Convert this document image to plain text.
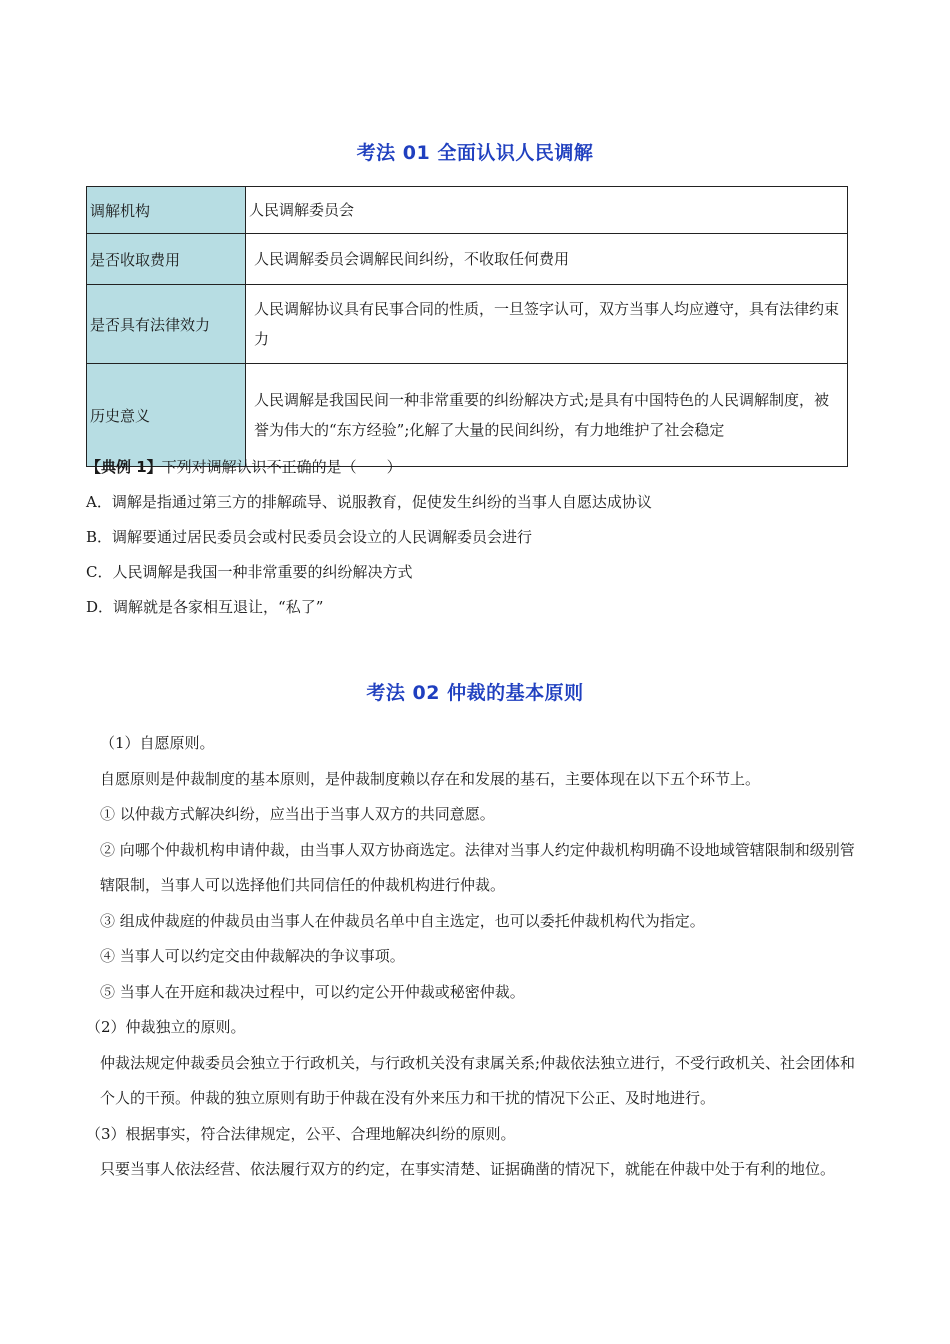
考法 01 全面认识人民调解
调解机构	人民调解委员会
是否收取费用	人民调解委员会调解民间纠纷，不收取任何费用
是否具有法律效力	人民调解协议具有民事合同的性质，一旦签字认可，双方当事人均应遵守，具有法律约束力
历史意义	人民调解是我国民间一种非常重要的纠纷解决方式;是具有中国特色的人民调解制度，被誉为伟大的“东方经验”;化解了大量的民间纠纷，有力地维护了社会稳定
【典例 1】下列对调解认识不正确的是（　　）
A．调解是指通过第三方的排解疏导、说服教育，促使发生纠纷的当事人自愿达成协议
B．调解要通过居民委员会或村民委员会设立的人民调解委员会进行
C．人民调解是我国一种非常重要的纠纷解决方式
D．调解就是各家相互退让，“私了”
考法 02 仲裁的基本原则

（1）自愿原则。

自愿原则是仲裁制度的基本原则，是仲裁制度赖以存在和发展的基石，主要体现在以下五个环节上。

① 以仲裁方式解决纠纷，应当出于当事人双方的共同意愿。

② 向哪个仲裁机构申请仲裁，由当事人双方协商选定。法律对当事人约定仲裁机构明确不设地域管辖限制和级别管辖限制，当事人可以选择他们共同信任的仲裁机构进行仲裁。

③ 组成仲裁庭的仲裁员由当事人在仲裁员名单中自主选定，也可以委托仲裁机构代为指定。

④ 当事人可以约定交由仲裁解决的争议事项。

⑤ 当事人在开庭和裁决过程中，可以约定公开仲裁或秘密仲裁。

（2）仲裁独立的原则。

仲裁法规定仲裁委员会独立于行政机关，与行政机关没有隶属关系;仲裁依法独立进行，不受行政机关、社会团体和个人的干预。仲裁的独立原则有助于仲裁在没有外来压力和干扰的情况下公正、及时地进行。

（3）根据事实，符合法律规定，公平、合理地解决纠纷的原则。

只要当事人依法经营、依法履行双方的约定，在事实清楚、证据确凿的情况下，就能在仲裁中处于有利的地位。
